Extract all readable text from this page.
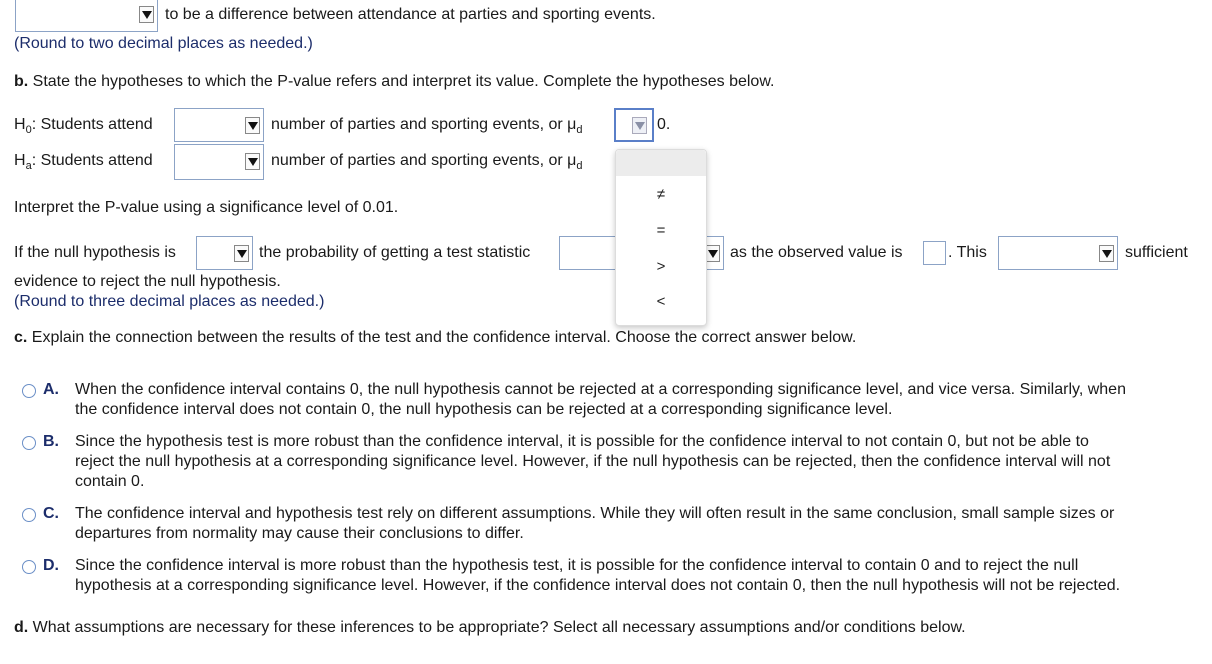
to be a difference between attendance at parties and sporting events.
(Round to two decimal places as needed.)
b. State the hypotheses to which the P-value refers and interpret its value. Complete the hypotheses below.
$H_0$: Students attend	number of parties and sporting events, or $\mu_d$	0.
$H_a$: Students attend	number of parties and sporting events, or $\mu_d$
Interpret the P-value using a significance level of 0.01.
If the null hypothesis is	the probability of getting a test statistic	as the observed value is	. This	sufficient
evidence to reject the null hypothesis.
(Round to three decimal places as needed.)
c. Explain the connection between the results of the test and the confidence interval. Choose the correct answer below.
A. When the confidence interval contains 0, the null hypothesis cannot be rejected at a corresponding significance level, and vice versa. Similarly, when
the confidence interval does not contain 0, the null hypothesis can be rejected at a corresponding significance level.
B. Since the hypothesis test is more robust than the confidence interval, it is possible for the confidence interval to not contain 0, but not be able to
reject the null hypothesis at a corresponding significance level. However, if the null hypothesis can be rejected, then the confidence interval will not
contain 0.
C. The confidence interval and hypothesis test rely on different assumptions. While they will often result in the same conclusion, small sample sizes or
departures from normality may cause their conclusions to differ.
D. Since the confidence interval is more robust than the hypothesis test, it is possible for the confidence interval to contain 0 and to reject the null
hypothesis at a corresponding significance level. However, if the confidence interval does not contain 0, then the null hypothesis will not be rejected.
d. What assumptions are necessary for these inferences to be appropriate? Select all necessary assumptions and/or conditions below.
≠
=
>
<
